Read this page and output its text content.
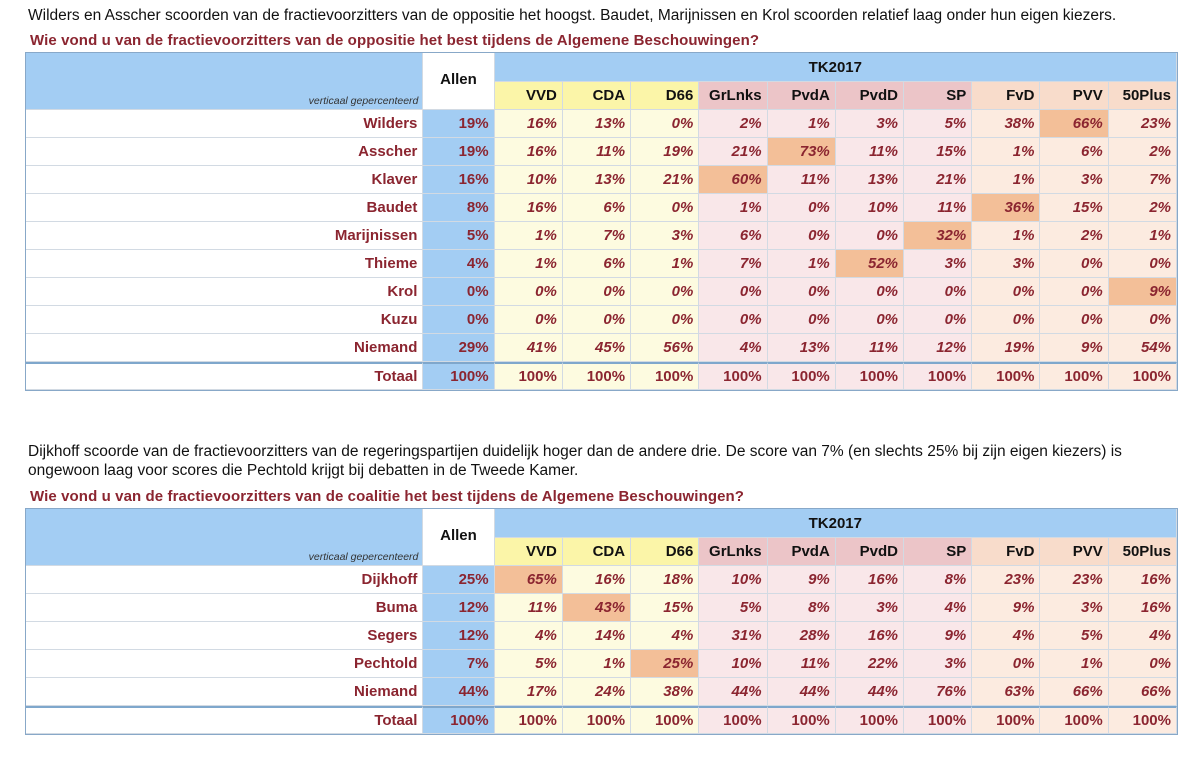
Wilders en Asscher scoorden van de fractievoorzitters van de oppositie het hoogst. Baudet, Marijnissen en Krol scoorden relatief laag onder hun eigen kiezers.

Wie vond u van de fractievoorzitters van de oppositie het best tijdens de Algemene Beschouwingen?

verticaal gepercenteerd	Allen	TK2017									
		VVD	CDA	D66	GrLnks	PvdA	PvdD	SP	FvD	PVV	50Plus
Wilders	19%	16%	13%	0%	2%	1%	3%	5%	38%	66%	23%
Asscher	19%	16%	11%	19%	21%	73%	11%	15%	1%	6%	2%
Klaver	16%	10%	13%	21%	60%	11%	13%	21%	1%	3%	7%
Baudet	8%	16%	6%	0%	1%	0%	10%	11%	36%	15%	2%
Marijnissen	5%	1%	7%	3%	6%	0%	0%	32%	1%	2%	1%
Thieme	4%	1%	6%	1%	7%	1%	52%	3%	3%	0%	0%
Krol	0%	0%	0%	0%	0%	0%	0%	0%	0%	0%	9%
Kuzu	0%	0%	0%	0%	0%	0%	0%	0%	0%	0%	0%
Niemand	29%	41%	45%	56%	4%	13%	11%	12%	19%	9%	54%
Totaal	100%	100%	100%	100%	100%	100%	100%	100%	100%	100%	100%

Dijkhoff scoorde van de fractievoorzitters van de regeringspartijen duidelijk hoger dan de andere drie. De score van 7% (en slechts 25% bij zijn eigen kiezers) is ongewoon laag voor scores die Pechtold krijgt bij debatten in de Tweede Kamer.

Wie vond u van de fractievoorzitters van de coalitie het best tijdens de Algemene Beschouwingen?

verticaal gepercenteerd	Allen	TK2017									
		VVD	CDA	D66	GrLnks	PvdA	PvdD	SP	FvD	PVV	50Plus
Dijkhoff	25%	65%	16%	18%	10%	9%	16%	8%	23%	23%	16%
Buma	12%	11%	43%	15%	5%	8%	3%	4%	9%	3%	16%
Segers	12%	4%	14%	4%	31%	28%	16%	9%	4%	5%	4%
Pechtold	7%	5%	1%	25%	10%	11%	22%	3%	0%	1%	0%
Niemand	44%	17%	24%	38%	44%	44%	44%	76%	63%	66%	66%
Totaal	100%	100%	100%	100%	100%	100%	100%	100%	100%	100%	100%
